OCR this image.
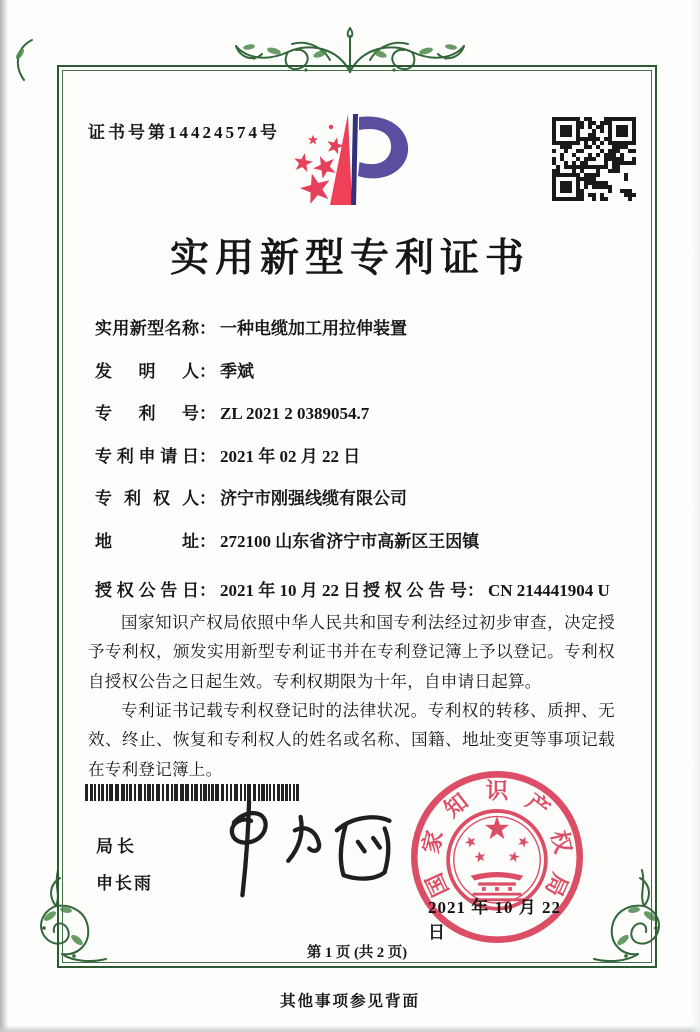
证书号第14424574号
实用新型专利证书
实用新型名称： 一种电缆加工用拉伸装置
发明人： 季斌
专利号： ZL 2021 2 0389054.7
专利申请日： 2021 年 02 月 22 日
专利权人： 济宁市刚强线缆有限公司
地址： 272100 山东省济宁市高新区王因镇
授权公告日： 2021 年 10 月 22 日 授权公告号： CN 214441904 U

国家知识产权局依照中华人民共和国专利法经过初步审查，决定授予专利权，颁发实用新型专利证书并在专利登记簿上予以登记。专利权自授权公告之日起生效。专利权期限为十年，自申请日起算。

专利证书记载专利权登记时的法律状况。专利权的转移、质押、无效、终止、恢复和专利权人的姓名或名称、国籍、地址变更等事项记载在专利登记簿上。

局长
申长雨	国
家
知 识 产
权
局
2021 年 10 月 22 日
第 1 页 (共 2 页)
其他事项参见背面
